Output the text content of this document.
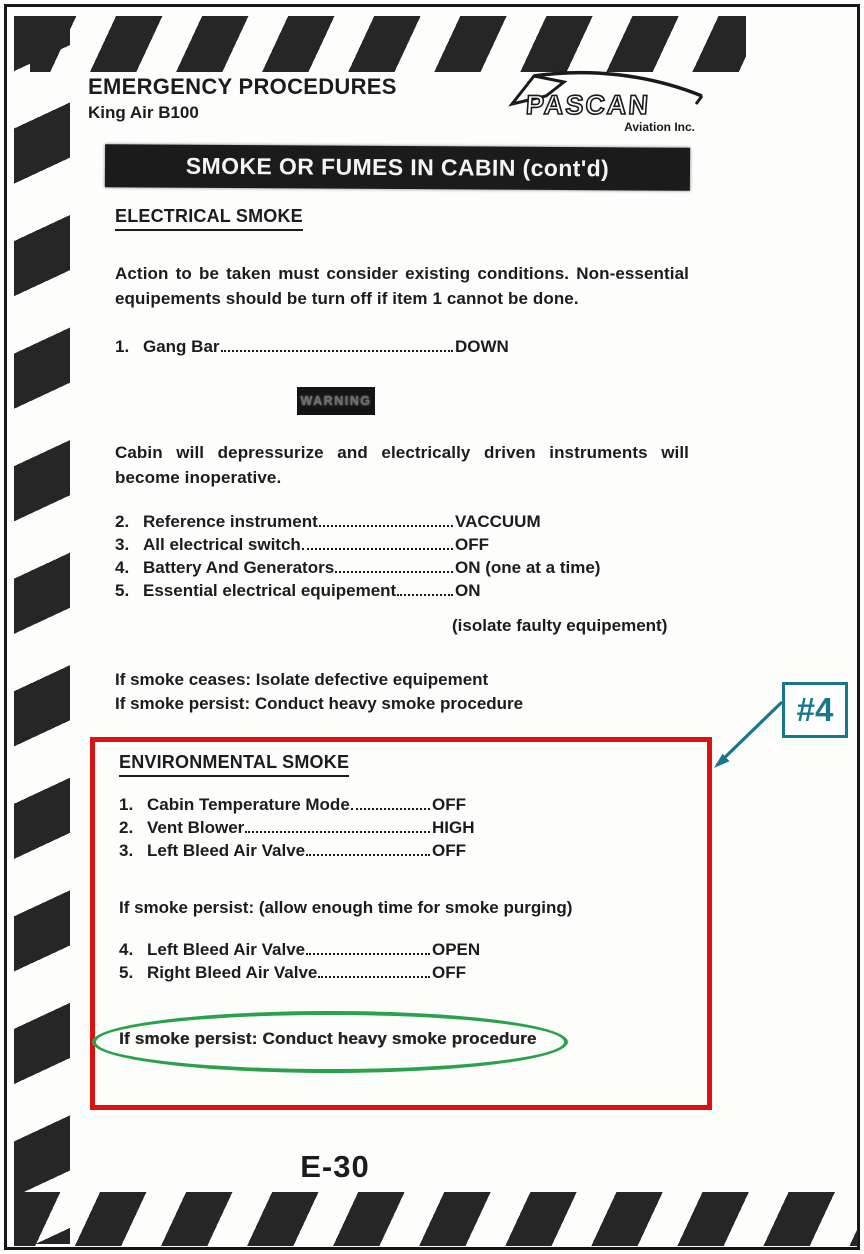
EMERGENCY PROCEDURES
King Air B100	PASCAN
Aviation Inc.
SMOKE OR FUMES IN CABIN (cont'd)
ELECTRICAL SMOKE
Action to be taken must consider existing conditions. Non-essential equipements should be turn off if item 1 cannot be done.
1. Gang Bar	DOWN
WARNING
Cabin will depressurize and electrically driven instruments will become inoperative.
2. Reference instrument	VACCUUM
3. All electrical switch	OFF
4. Battery And Generators	ON (one at a time)
5. Essential electrical equipement	ON
(isolate faulty equipement)
If smoke ceases: Isolate defective equipement
If smoke persist: Conduct heavy smoke procedure
ENVIRONMENTAL SMOKE
1. Cabin Temperature Mode	OFF
2. Vent Blower	HIGH
3. Left Bleed Air Valve	OFF
If smoke persist: (allow enough time for smoke purging)
4. Left Bleed Air Valve	OPEN
5. Right Bleed Air Valve	OFF
If smoke persist: Conduct heavy smoke procedure
#4
E-30
